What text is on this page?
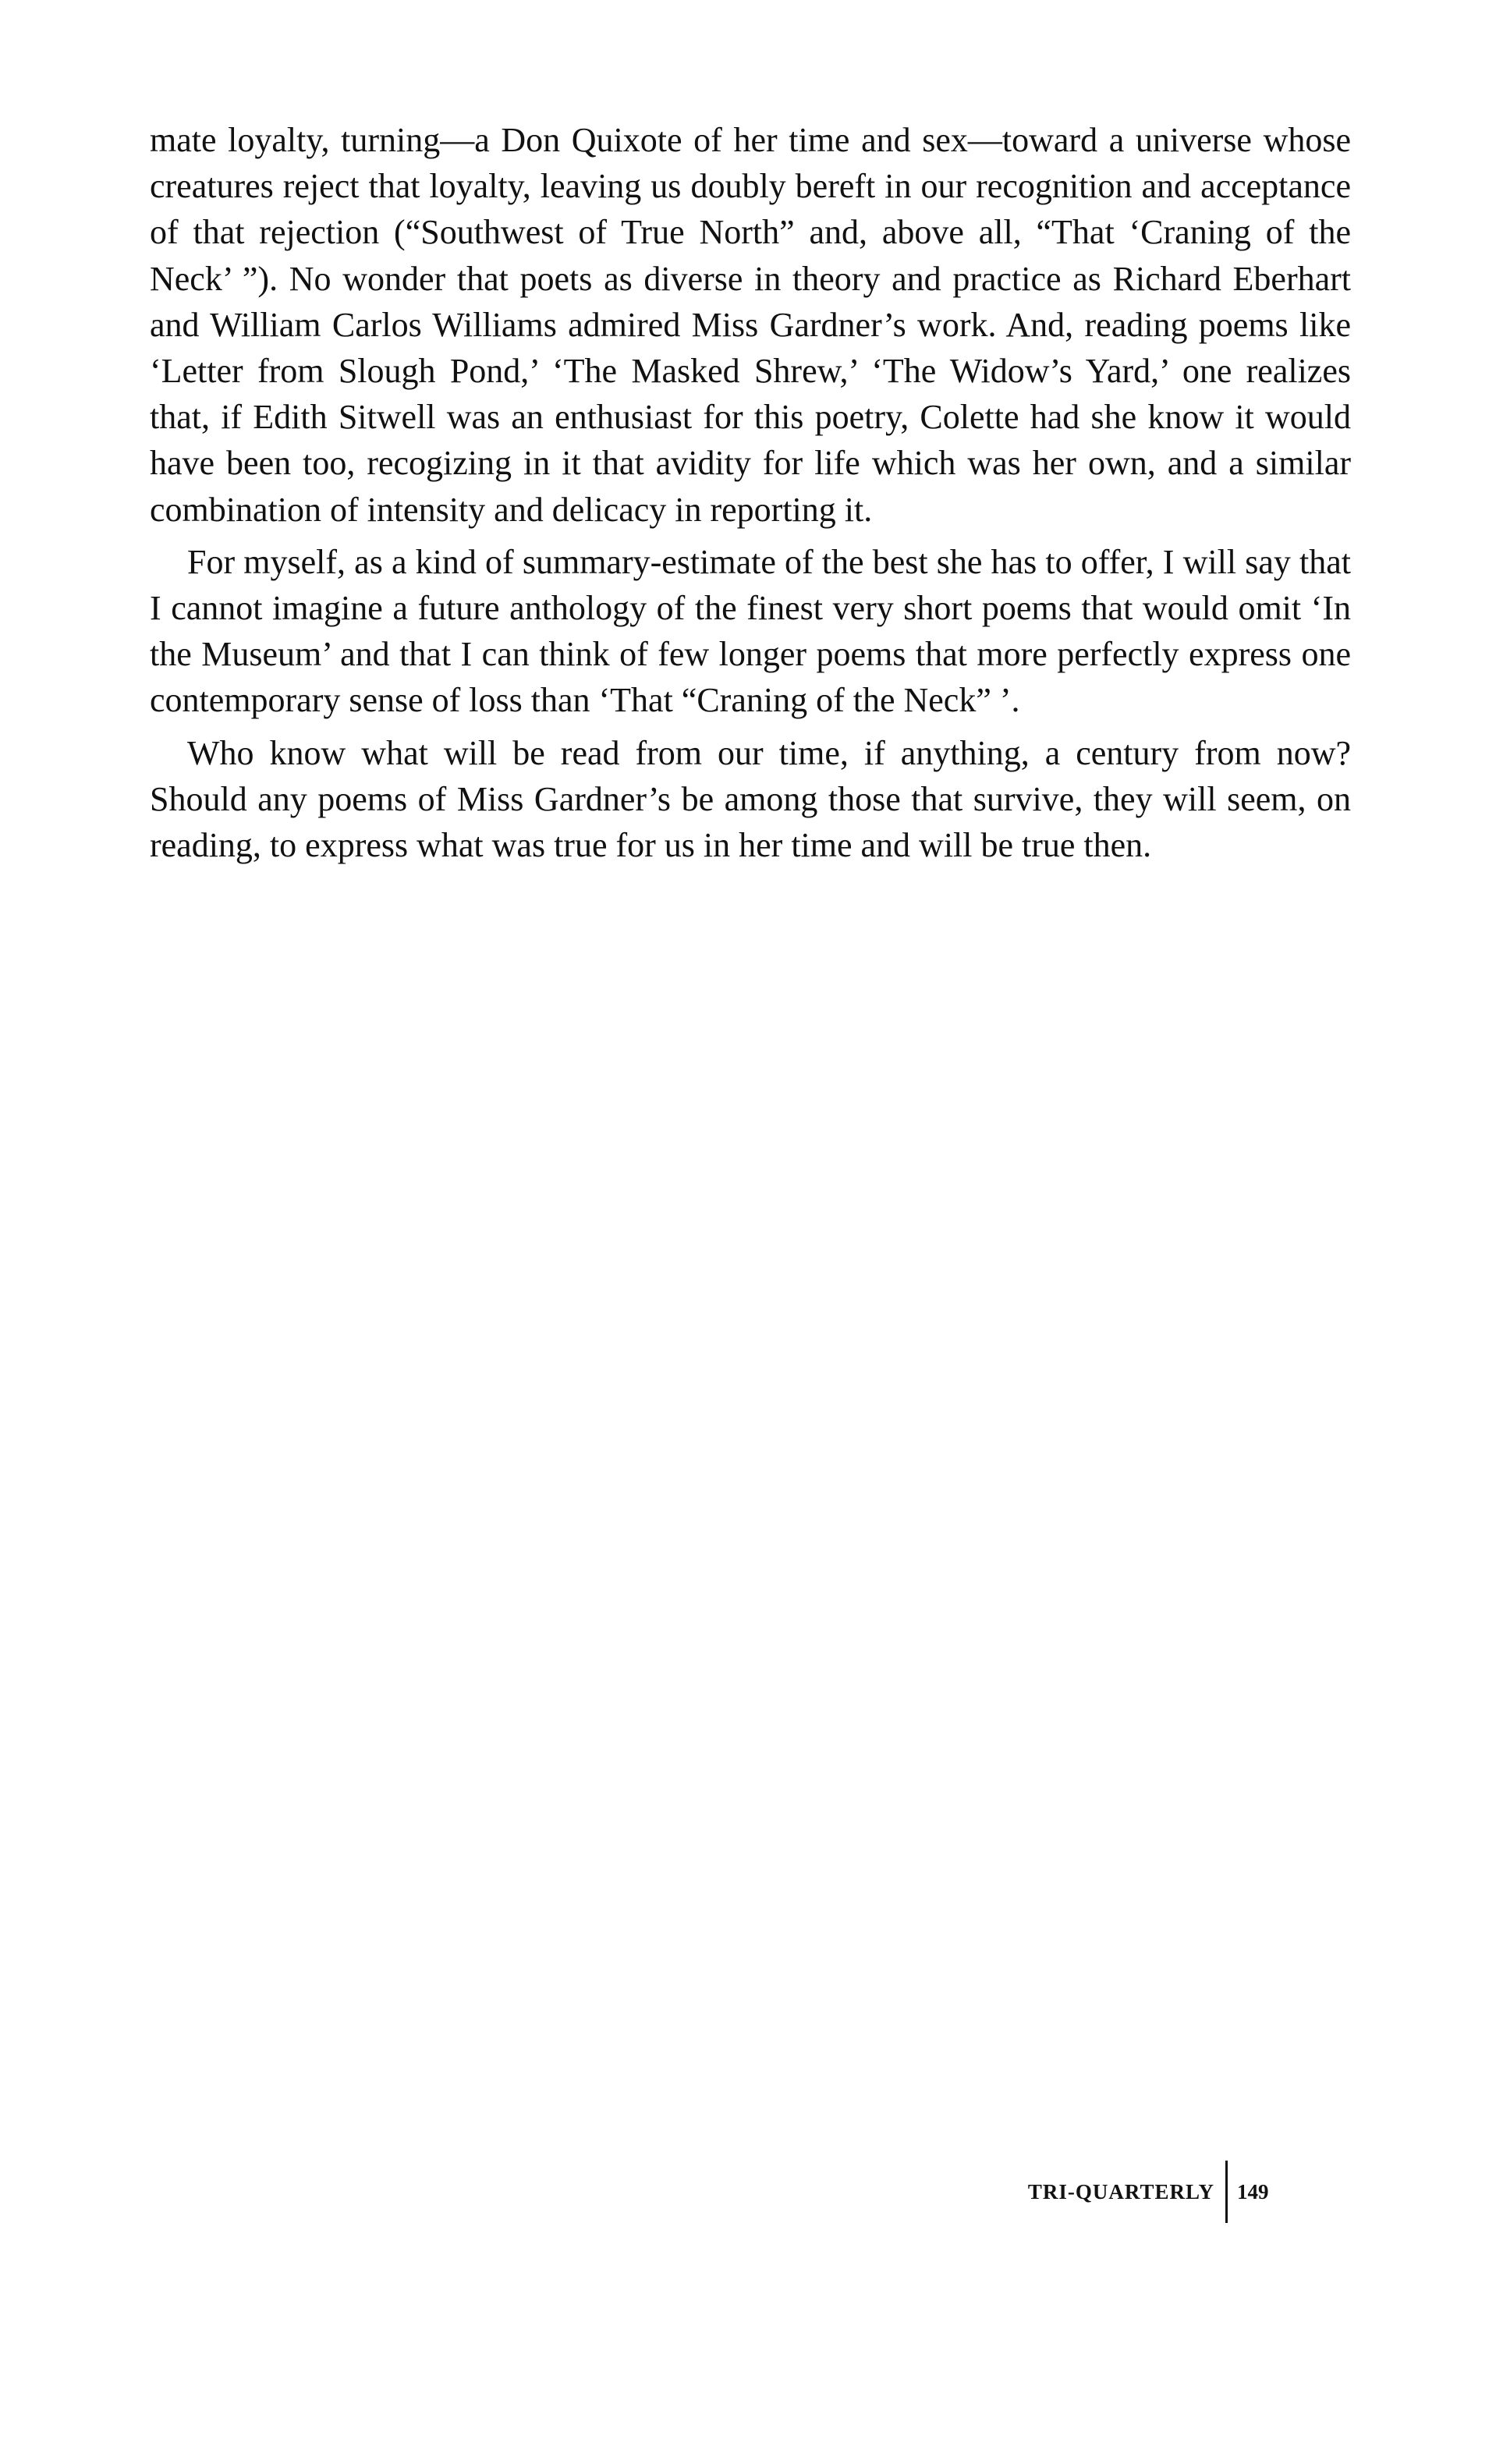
mate loyalty, turning—a Don Quixote of her time and sex—toward a universe whose creatures reject that loyalty, leaving us doubly bereft in our recognition and acceptance of that rejection (“Southwest of True North” and, above all, “That ‘Craning of the Neck’ ”). No wonder that poets as diverse in theory and practice as Richard Eberhart and William Carlos Williams admired Miss Gardner’s work. And, reading poems like ‘Letter from Slough Pond,’ ‘The Masked Shrew,’ ‘The Widow’s Yard,’ one realizes that, if Edith Sitwell was an enthusiast for this poetry, Colette had she know it would have been too, recogizing in it that avidity for life which was her own, and a similar combination of intensity and delicacy in reporting it.

For myself, as a kind of summary-estimate of the best she has to offer, I will say that I cannot imagine a future anthology of the finest very short poems that would omit ‘In the Museum’ and that I can think of few longer poems that more perfectly express one contemporary sense of loss than ‘That “Craning of the Neck” ’.

Who know what will be read from our time, if anything, a century from now? Should any poems of Miss Gardner’s be among those that survive, they will seem, on reading, to express what was true for us in her time and will be true then.

TRI-QUARTERLY	149
